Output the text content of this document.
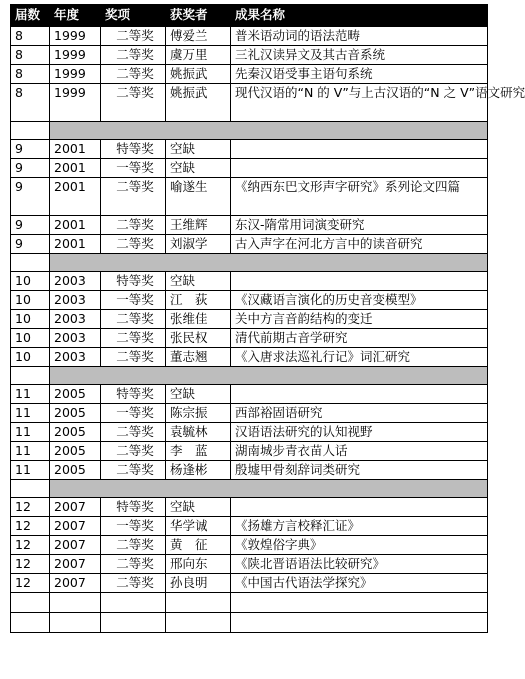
届数	年度	奖项	获奖者	成果名称
8	1999	二等奖	傅爱兰	普米语动词的语法范畴
8	1999	二等奖	虞万里	三礼汉读异文及其古音系统
8	1999	二等奖	姚振武	先秦汉语受事主语句系统
8	1999	二等奖	姚振武	现代汉语的“N 的 V”与上古汉语的“N 之 V”语文研究

9	2001	特等奖	空缺	
9	2001	一等奖	空缺	
9	2001	二等奖	喻遂生	《纳西东巴文形声字研究》系列论文四篇
9	2001	二等奖	王维辉	东汉-隋常用词演变研究
9	2001	二等奖	刘淑学	古入声字在河北方言中的读音研究

10	2003	特等奖	空缺	
10	2003	一等奖	江　荻	《汉藏语言演化的历史音变模型》
10	2003	二等奖	张维佳	关中方言音韵结构的变迁
10	2003	二等奖	张民权	清代前期古音学研究
10	2003	二等奖	董志翘	《入唐求法巡礼行记》词汇研究

11	2005	特等奖	空缺	
11	2005	一等奖	陈宗振	西部裕固语研究
11	2005	二等奖	袁毓林	汉语语法研究的认知视野
11	2005	二等奖	李　蓝	湖南城步青衣苗人话
11	2005	二等奖	杨逢彬	殷墟甲骨刻辞词类研究

12	2007	特等奖	空缺	
12	2007	一等奖	华学诚	《扬雄方言校释汇证》
12	2007	二等奖	黄　征	《敦煌俗字典》
12	2007	二等奖	邢向东	《陕北晋语语法比较研究》
12	2007	二等奖	孙良明	《中国古代语法学探究》
